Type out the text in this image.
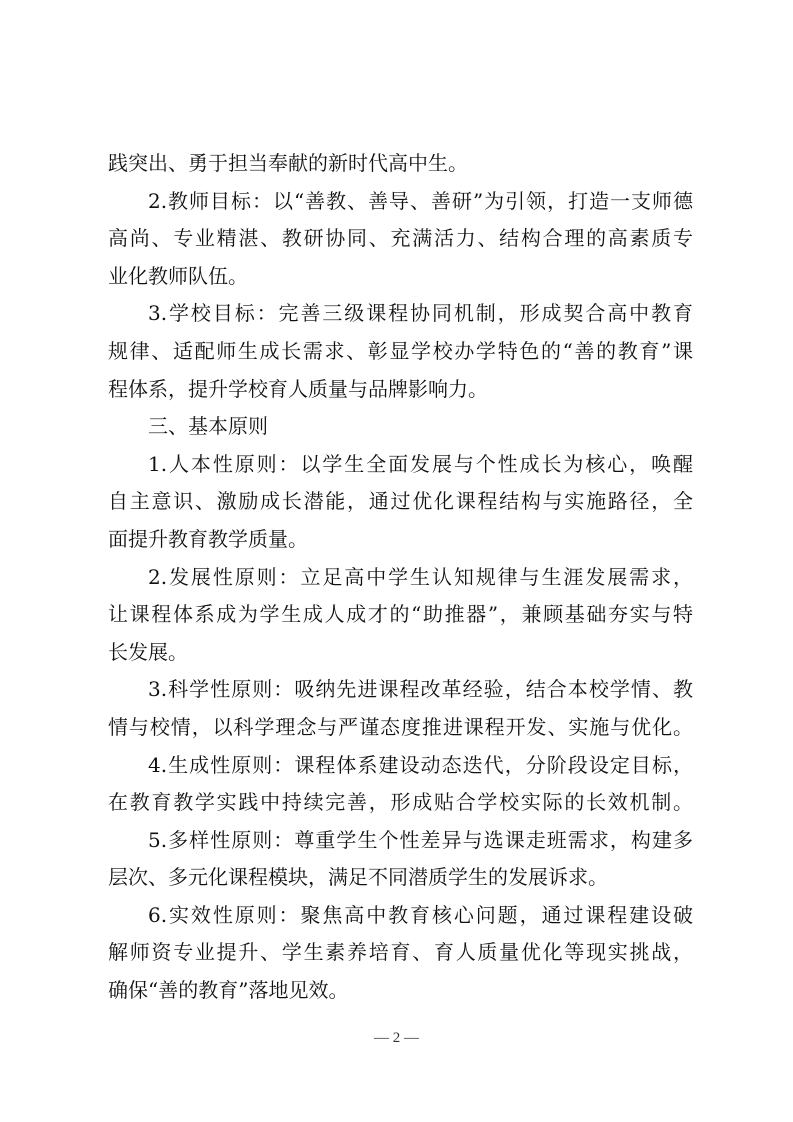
践突出、勇于担当奉献的新时代高中生。
2.教师目标：以“善教、善导、善研”为引领，打造一支师德
高尚、专业精湛、教研协同、充满活力、结构合理的高素质专
业化教师队伍。
3.学校目标：完善三级课程协同机制，形成契合高中教育
规律、适配师生成长需求、彰显学校办学特色的“善的教育”课
程体系，提升学校育人质量与品牌影响力。
三、基本原则
1.人本性原则：以学生全面发展与个性成长为核心，唤醒
自主意识、激励成长潜能，通过优化课程结构与实施路径，全
面提升教育教学质量。
2.发展性原则：立足高中学生认知规律与生涯发展需求，
让课程体系成为学生成人成才的“助推器”，兼顾基础夯实与特
长发展。
3.科学性原则：吸纳先进课程改革经验，结合本校学情、教
情与校情，以科学理念与严谨态度推进课程开发、实施与优化。
4.生成性原则：课程体系建设动态迭代，分阶段设定目标，
在教育教学实践中持续完善，形成贴合学校实际的长效机制。
5.多样性原则：尊重学生个性差异与选课走班需求，构建多
层次、多元化课程模块，满足不同潜质学生的发展诉求。
6.实效性原则：聚焦高中教育核心问题，通过课程建设破
解师资专业提升、学生素养培育、育人质量优化等现实挑战，
确保“善的教育”落地见效。
— 2 —
